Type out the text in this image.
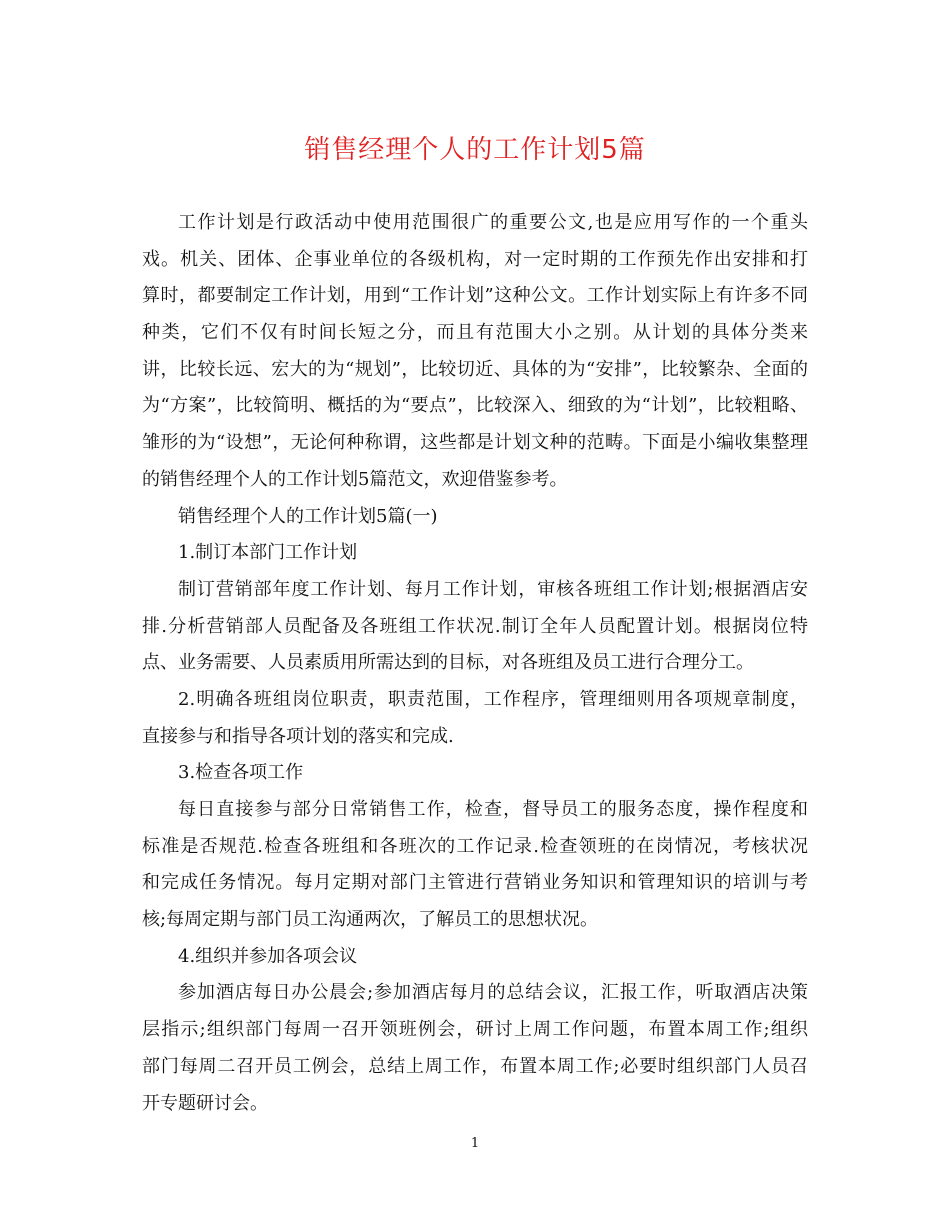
销售经理个人的工作计划5篇
工作计划是行政活动中使用范围很广的重要公文,也是应用写作的一个重头
戏。机关、团体、企事业单位的各级机构，对一定时期的工作预先作出安排和打
算时，都要制定工作计划，用到“工作计划”这种公文。工作计划实际上有许多不同
种类，它们不仅有时间长短之分，而且有范围大小之别。从计划的具体分类来
讲，比较长远、宏大的为“规划”，比较切近、具体的为“安排”，比较繁杂、全面的
为“方案”，比较简明、概括的为“要点”，比较深入、细致的为“计划”，比较粗略、
雏形的为“设想”，无论何种称谓，这些都是计划文种的范畴。下面是小编收集整理
的销售经理个人的工作计划5篇范文，欢迎借鉴参考。
销售经理个人的工作计划5篇(一)
1.制订本部门工作计划
制订营销部年度工作计划、每月工作计划，审核各班组工作计划;根据酒店安
排.分析营销部人员配备及各班组工作状况.制订全年人员配置计划。根据岗位特
点、业务需要、人员素质用所需达到的目标，对各班组及员工进行合理分工。
2.明确各班组岗位职责，职责范围，工作程序，管理细则用各项规章制度，
直接参与和指导各项计划的落实和完成.
3.检查各项工作
每日直接参与部分日常销售工作，检查，督导员工的服务态度，操作程度和
标准是否规范.检查各班组和各班次的工作记录.检查领班的在岗情况，考核状况
和完成任务情况。每月定期对部门主管进行营销业务知识和管理知识的培训与考
核;每周定期与部门员工沟通两次，了解员工的思想状况。
4.组织并参加各项会议
参加酒店每日办公晨会;参加酒店每月的总结会议，汇报工作，听取酒店决策
层指示;组织部门每周一召开领班例会，研讨上周工作问题，布置本周工作;组织
部门每周二召开员工例会，总结上周工作，布置本周工作;必要时组织部门人员召
开专题研讨会。
1
